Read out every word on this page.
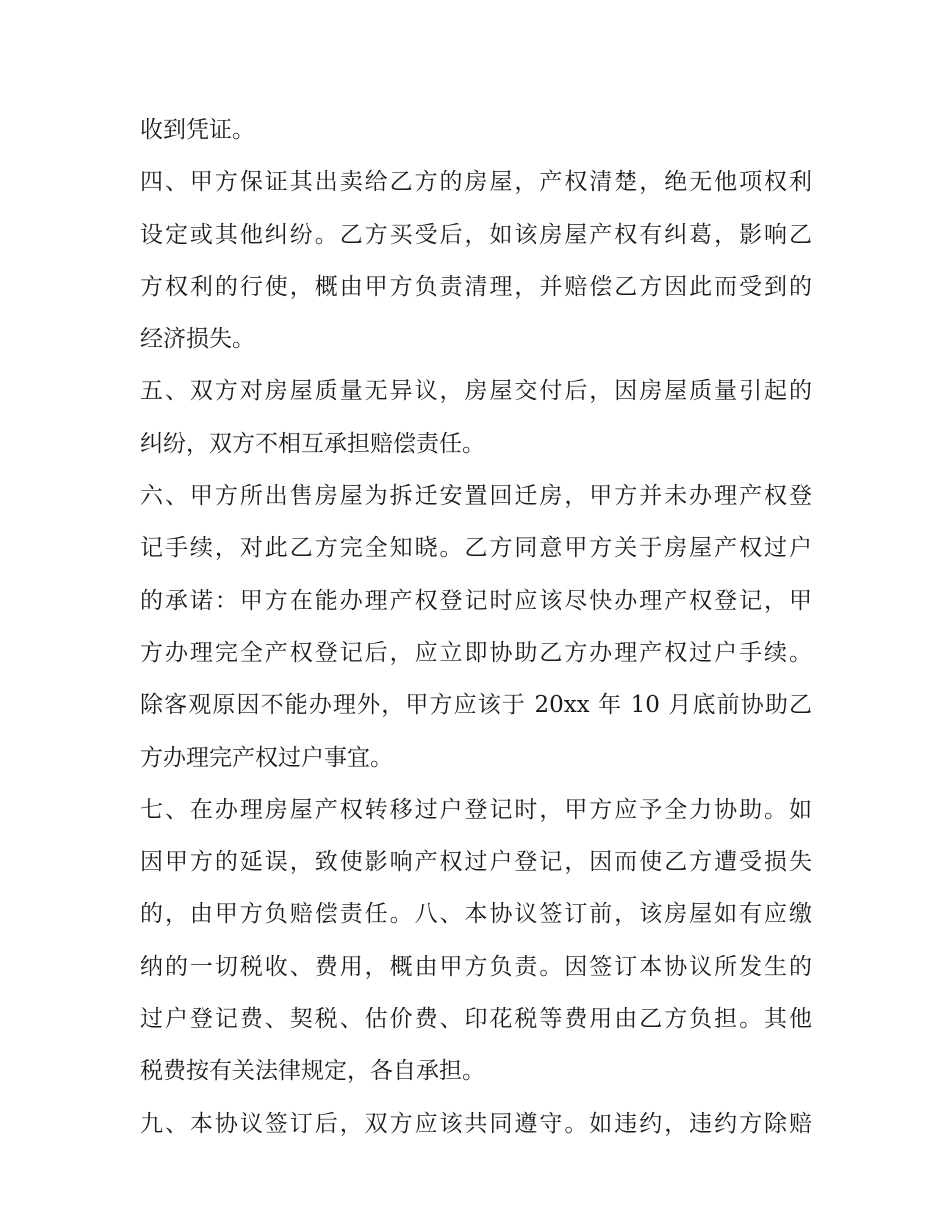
收到凭证。
四、甲方保证其出卖给乙方的房屋，产权清楚，绝无他项权利
设定或其他纠纷。乙方买受后，如该房屋产权有纠葛，影响乙
方权利的行使，概由甲方负责清理，并赔偿乙方因此而受到的
经济损失。
五、双方对房屋质量无异议，房屋交付后，因房屋质量引起的
纠纷，双方不相互承担赔偿责任。
六、甲方所出售房屋为拆迁安置回迁房，甲方并未办理产权登
记手续，对此乙方完全知晓。乙方同意甲方关于房屋产权过户
的承诺：甲方在能办理产权登记时应该尽快办理产权登记，甲
方办理完全产权登记后，应立即协助乙方办理产权过户手续。
除客观原因不能办理外，甲方应该于 20xx 年 10 月底前协助乙
方办理完产权过户事宜。
七、在办理房屋产权转移过户登记时，甲方应予全力协助。如
因甲方的延误，致使影响产权过户登记，因而使乙方遭受损失
的，由甲方负赔偿责任。八、本协议签订前，该房屋如有应缴
纳的一切税收、费用，概由甲方负责。因签订本协议所发生的
过户登记费、契税、估价费、印花税等费用由乙方负担。其他
税费按有关法律规定，各自承担。
九、本协议签订后，双方应该共同遵守。如违约，违约方除赔
